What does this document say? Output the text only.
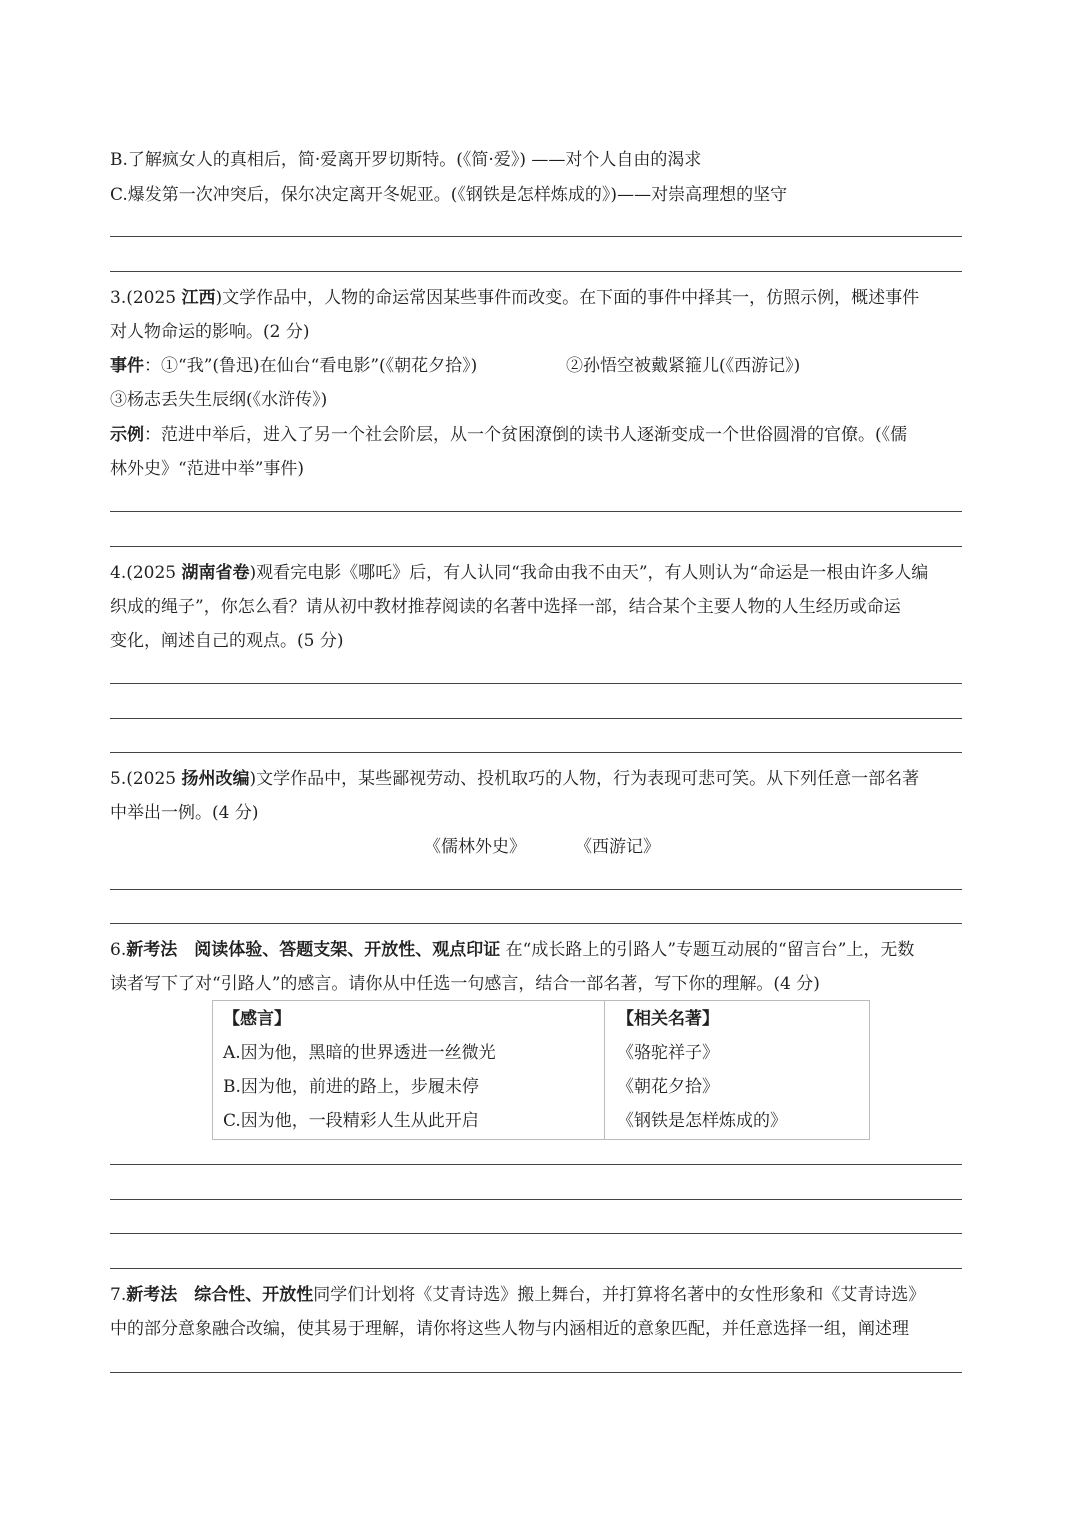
B.了解疯女人的真相后，简·爱离开罗切斯特。(《简·爱》) ——对个人自由的渴求
C.爆发第一次冲突后，保尔决定离开冬妮亚。(《钢铁是怎样炼成的》)——对崇高理想的坚守
3.(2025 江西)文学作品中，人物的命运常因某些事件而改变。在下面的事件中择其一，仿照示例，概述事件
对人物命运的影响。(2 分)
事件：①“我”(鲁迅)在仙台“看电影”(《朝花夕拾》)	②孙悟空被戴紧箍儿(《西游记》)
③杨志丢失生辰纲(《水浒传》)
示例：范进中举后，进入了另一个社会阶层，从一个贫困潦倒的读书人逐渐变成一个世俗圆滑的官僚。(《儒
林外史》“范进中举”事件)
4.(2025 湖南省卷)观看完电影《哪吒》后，有人认同“我命由我不由天”，有人则认为“命运是一根由许多人编
织成的绳子”，你怎么看？请从初中教材推荐阅读的名著中选择一部，结合某个主要人物的人生经历或命运
变化，阐述自己的观点。(5 分)
5.(2025 扬州改编)文学作品中，某些鄙视劳动、投机取巧的人物，行为表现可悲可笑。从下列任意一部名著
中举出一例。(4 分)
《儒林外史》	《西游记》
6.新考法　阅读体验、答题支架、开放性、观点印证 在“成长路上的引路人”专题互动展的“留言台”上，无数
读者写下了对“引路人”的感言。请你从中任选一句感言，结合一部名著，写下你的理解。(4 分)
【感言】	【相关名著】
A.因为他，黑暗的世界透进一丝微光	《骆驼祥子》
B.因为他，前进的路上，步履未停	《朝花夕拾》
C.因为他，一段精彩人生从此开启	《钢铁是怎样炼成的》
7.新考法　综合性、开放性同学们计划将《艾青诗选》搬上舞台，并打算将名著中的女性形象和《艾青诗选》
中的部分意象融合改编，使其易于理解，请你将这些人物与内涵相近的意象匹配，并任意选择一组，阐述理
